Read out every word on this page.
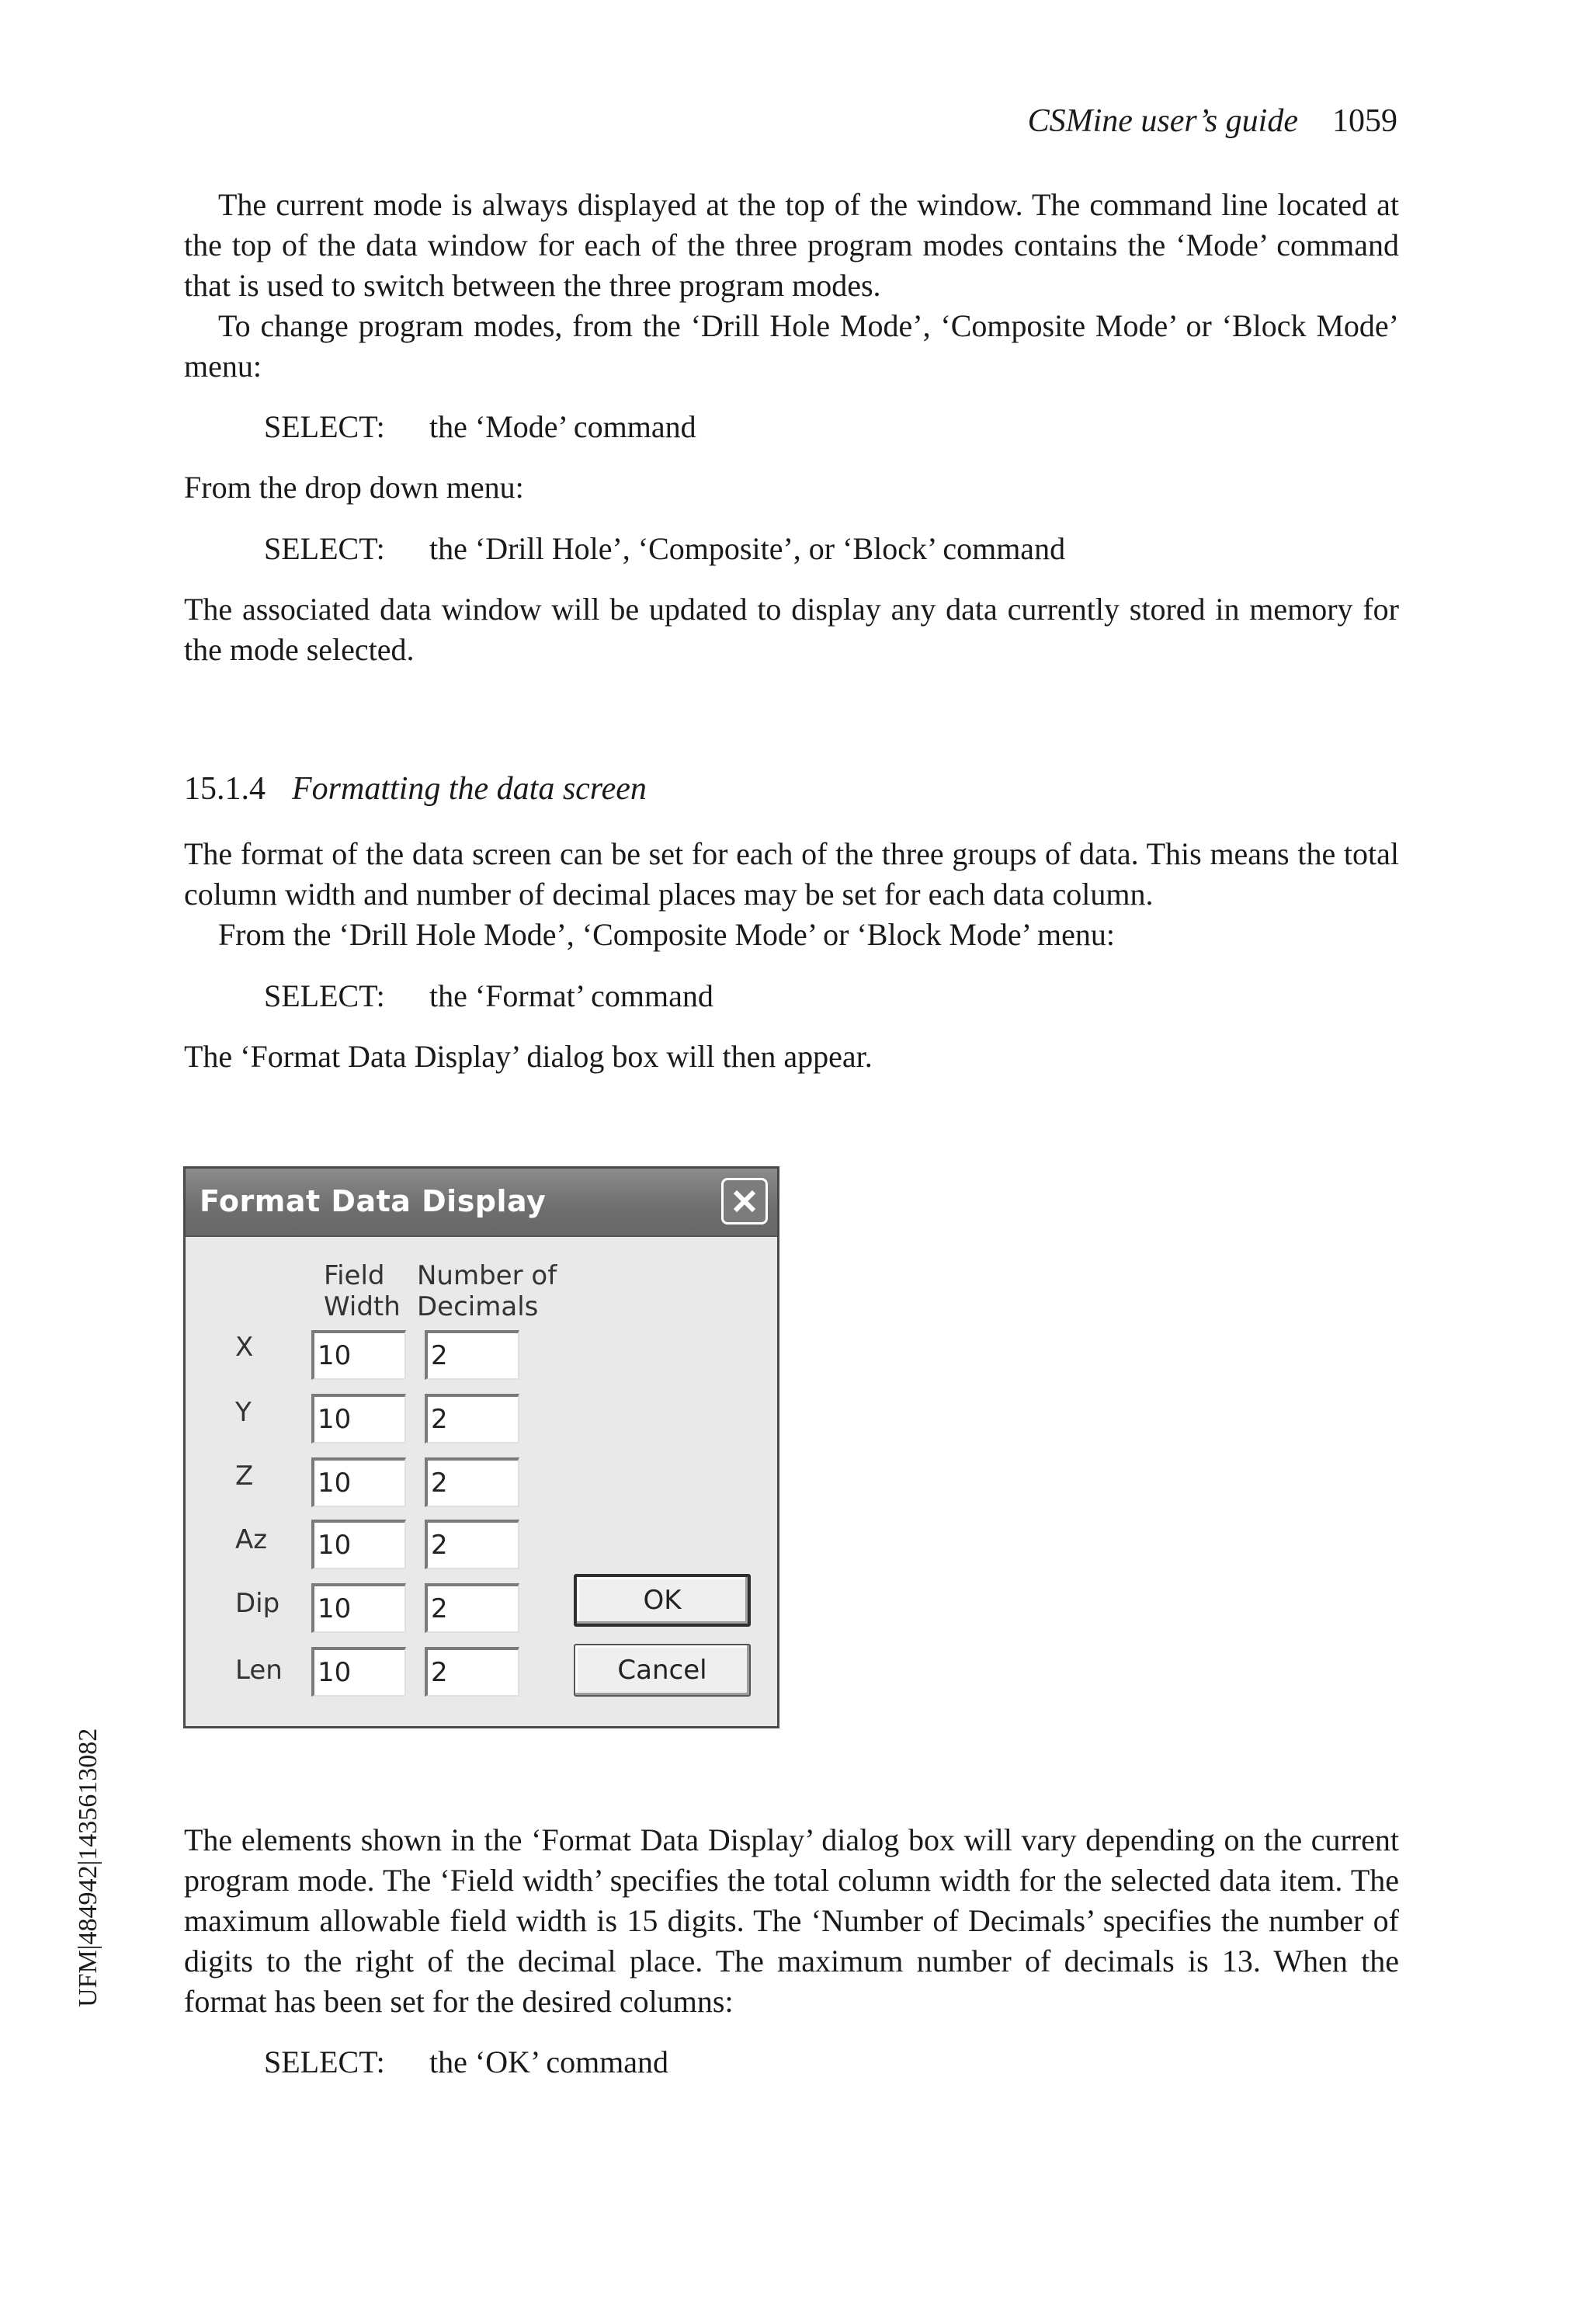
CSMine user’s guide 1059

The current mode is always displayed at the top of the window. The command line located at the top of the data window for each of the three program modes contains the ‘Mode’ command that is used to switch between the three program modes.

To change program modes, from the ‘Drill Hole Mode’, ‘Composite Mode’ or ‘Block Mode’ menu:

SELECT: the ‘Mode’ command

From the drop down menu:

SELECT: the ‘Drill Hole’, ‘Composite’, or ‘Block’ command

The associated data window will be updated to display any data currently stored in memory for the mode selected.

15.1.4 Formatting the data screen

The format of the data screen can be set for each of the three groups of data. This means the total column width and number of decimal places may be set for each data column.

From the ‘Drill Hole Mode’, ‘Composite Mode’ or ‘Block Mode’ menu:

SELECT: the ‘Format’ command

The ‘Format Data Display’ dialog box will then appear.

Format Data Display
Field
Width
Number of
Decimals
X
10
2
Y
10
2
Z
10
2
Az
10
2
Dip
10
2
Len
10
2
OK
Cancel

The elements shown in the ‘Format Data Display’ dialog box will vary depending on the current program mode. The ‘Field width’ specifies the total column width for the selected data item. The maximum allowable field width is 15 digits. The ‘Number of Decimals’ specifies the number of digits to the right of the decimal place. The maximum number of decimals is 13. When the format has been set for the desired columns:

SELECT: the ‘OK’ command
UFM|484942|1435613082
